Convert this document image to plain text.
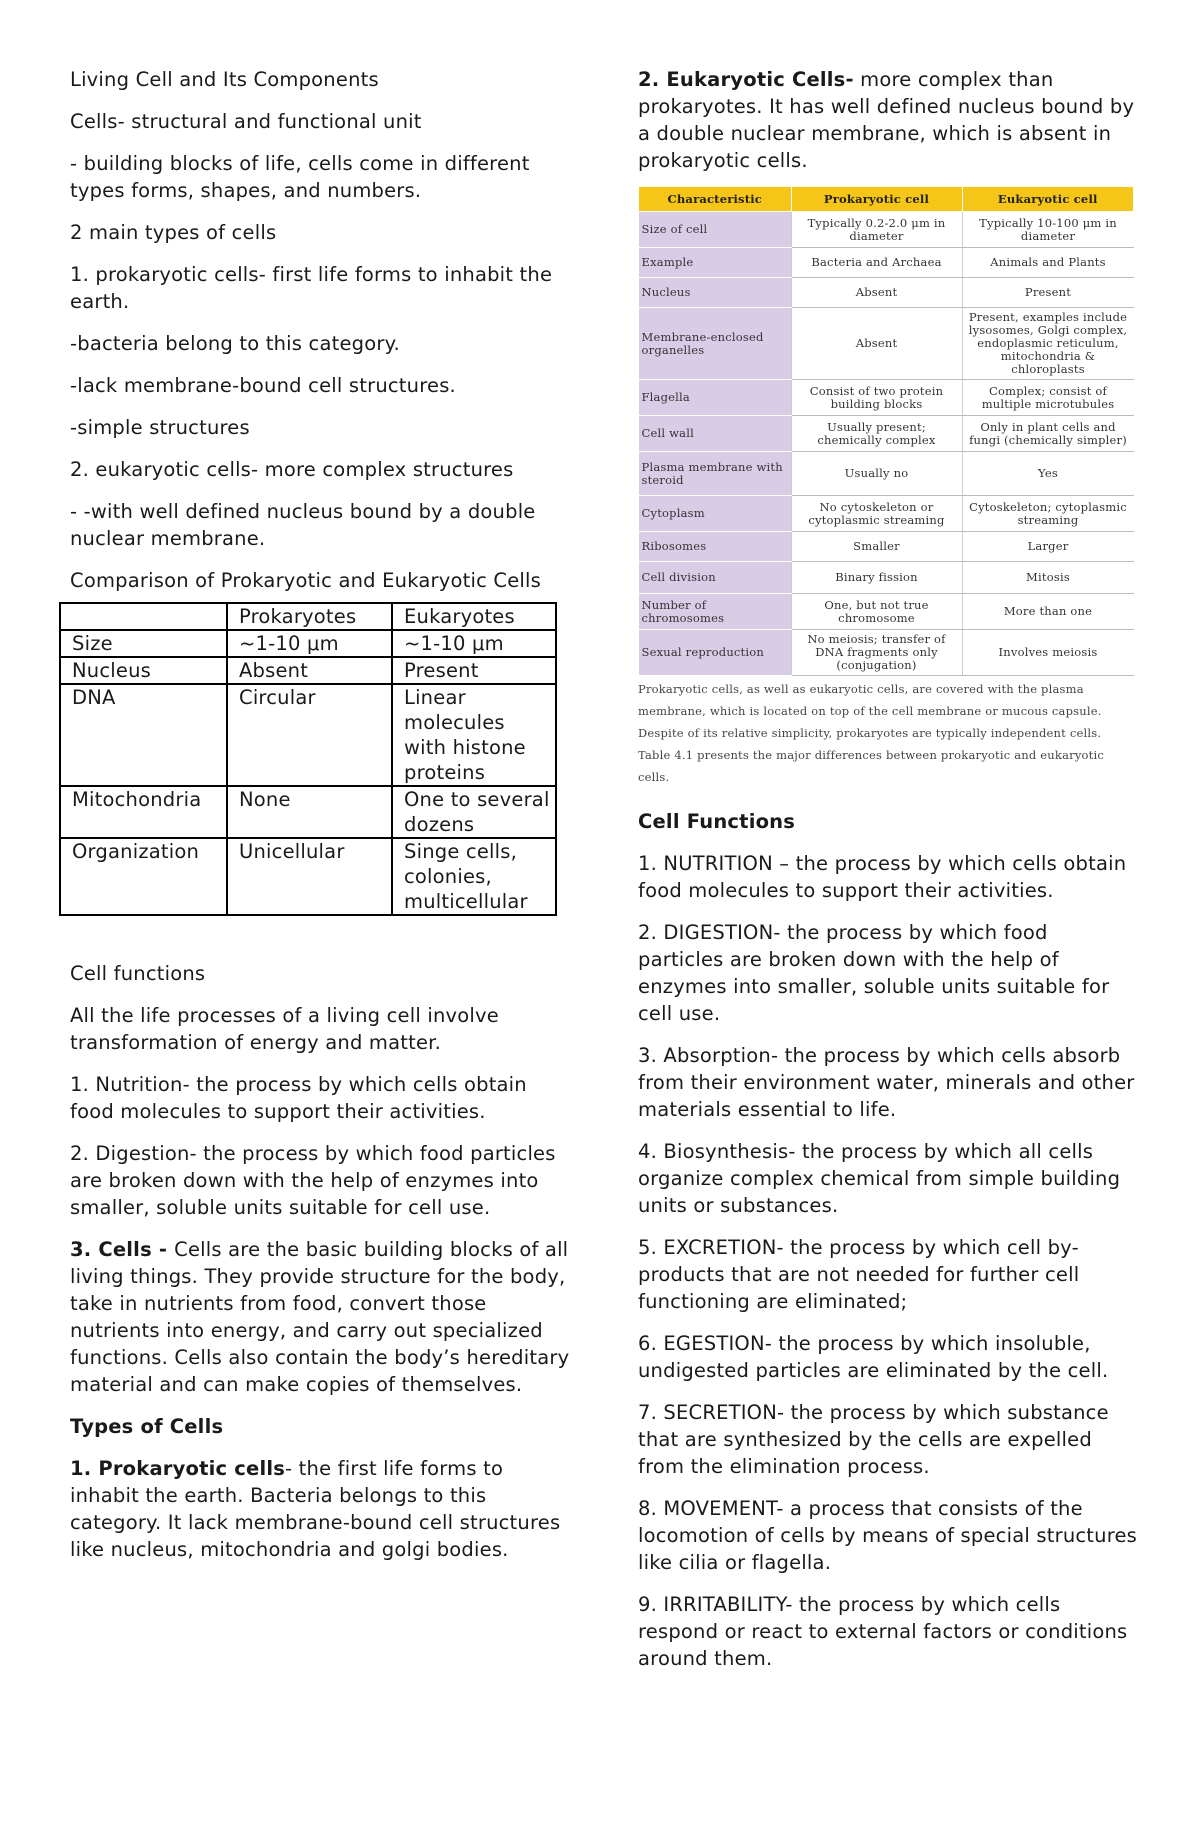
Living Cell and Its Components

Cells- structural and functional unit

- building blocks of life, cells come in different types forms, shapes, and numbers.

2 main types of cells

1. prokaryotic cells- first life forms to inhabit the earth.

-bacteria belong to this category.

-lack membrane-bound cell structures.

-simple structures

2. eukaryotic cells- more complex structures

- -with well defined nucleus bound by a double nuclear membrane.

Comparison of Prokaryotic and Eukaryotic Cells

	Prokaryotes	Eukaryotes
Size	~1-10 μm	~1-10 μm
Nucleus	Absent	Present
DNA	Circular	Linear molecules with histone proteins
Mitochondria	None	One to several dozens
Organization	Unicellular	Singe cells, colonies, multicellular

Cell functions

All the life processes of a living cell involve transformation of energy and matter.

1. Nutrition- the process by which cells obtain food molecules to support their activities.

2. Digestion- the process by which food particles are broken down with the help of enzymes into smaller, soluble units suitable for cell use.

3. Cells - Cells are the basic building blocks of all living things. They provide structure for the body, take in nutrients from food, convert those nutrients into energy, and carry out specialized functions. Cells also contain the body’s hereditary material and can make copies of themselves.

Types of Cells

1. Prokaryotic cells- the first life forms to inhabit the earth. Bacteria belongs to this category. It lack membrane-bound cell structures like nucleus, mitochondria and golgi bodies.

2. Eukaryotic Cells- more complex than prokaryotes. It has well defined nucleus bound by a double nuclear membrane, which is absent in prokaryotic cells.

Characteristic	Prokaryotic cell	Eukaryotic cell
Size of cell	Typically 0.2-2.0 μm in diameter	Typically 10-100 μm in diameter
Example	Bacteria and Archaea	Animals and Plants
Nucleus	Absent	Present
Membrane-enclosed organelles	Absent	Present, examples include lysosomes, Golgi complex, endoplasmic reticulum, mitochondria & chloroplasts
Flagella	Consist of two protein building blocks	Complex; consist of multiple microtubules
Cell wall	Usually present; chemically complex	Only in plant cells and fungi (chemically simpler)
Plasma membrane with steroid	Usually no	Yes
Cytoplasm	No cytoskeleton or cytoplasmic streaming	Cytoskeleton; cytoplasmic streaming
Ribosomes	Smaller	Larger
Cell division	Binary fission	Mitosis
Number of chromosomes	One, but not true chromosome	More than one
Sexual reproduction	No meiosis; transfer of DNA fragments only (conjugation)	Involves meiosis
Prokaryotic cells, as well as eukaryotic cells, are covered with the plasma membrane, which is located on top of the cell membrane or mucous capsule. Despite of its relative simplicity, prokaryotes are typically independent cells. Table 4.1 presents the major differences between prokaryotic and eukaryotic cells.

Cell Functions

1. NUTRITION – the process by which cells obtain food molecules to support their activities.

2. DIGESTION- the process by which food particles are broken down with the help of enzymes into smaller, soluble units suitable for cell use.

3. Absorption- the process by which cells absorb from their environment water, minerals and other materials essential to life.

4. Biosynthesis- the process by which all cells organize complex chemical from simple building units or substances.

5. EXCRETION- the process by which cell by-products that are not needed for further cell functioning are eliminated;

6. EGESTION- the process by which insoluble, undigested particles are eliminated by the cell.

7. SECRETION- the process by which substance that are synthesized by the cells are expelled from the elimination process.

8. MOVEMENT- a process that consists of the locomotion of cells by means of special structures like cilia or flagella.

9. IRRITABILITY- the process by which cells respond or react to external factors or conditions around them.
